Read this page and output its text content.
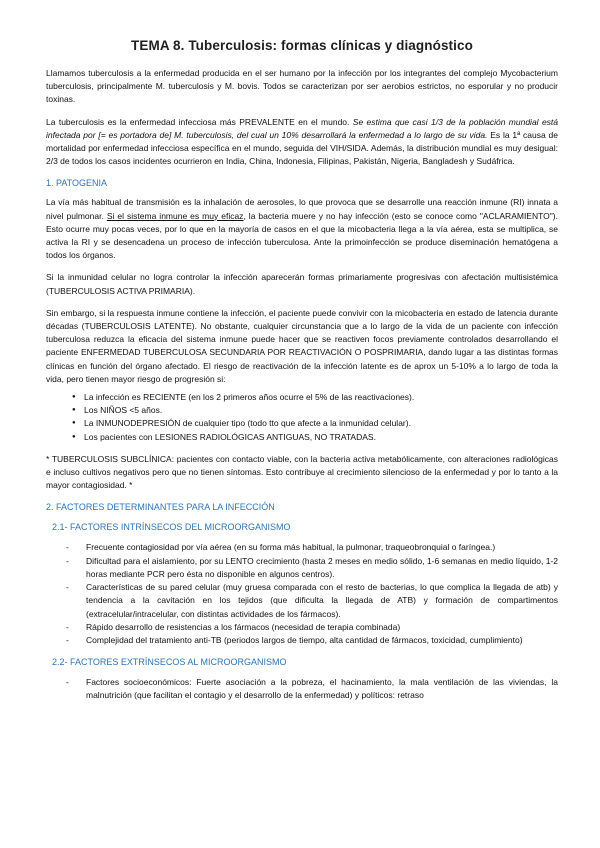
TEMA 8. Tuberculosis: formas clínicas y diagnóstico

Llamamos tuberculosis a la enfermedad producida en el ser humano por la infección por los integrantes del complejo Mycobacterium tuberculosis, principalmente M. tuberculosis y M. bovis. Todos se caracterizan por ser aerobios estrictos, no esporular y no producir toxinas.

La tuberculosis es la enfermedad infecciosa más PREVALENTE en el mundo. Se estima que casi 1/3 de la población mundial está infectada por [= es portadora de] M. tuberculosis, del cual un 10% desarrollará la enfermedad a lo largo de su vida. Es la 1ª causa de mortalidad por enfermedad infecciosa específica en el mundo, seguida del VIH/SIDA. Además, la distribución mundial es muy desigual: 2/3 de todos los casos incidentes ocurrieron en India, China, Indonesia, Filipinas, Pakistán, Nigeria, Bangladesh y Sudáfrica.

1. PATOGENIA

La vía más habitual de transmisión es la inhalación de aerosoles, lo que provoca que se desarrolle una reacción inmune (RI) innata a nivel pulmonar. Si el sistema inmune es muy eficaz, la bacteria muere y no hay infección (esto se conoce como "ACLARAMIENTO"). Esto ocurre muy pocas veces, por lo que en la mayoría de casos en el que la micobacteria llega a la vía aérea, esta se multiplica, se activa la RI y se desencadena un proceso de infección tuberculosa. Ante la primoinfección se produce diseminación hematógena a todos los órganos.

Si la inmunidad celular no logra controlar la infección aparecerán formas primariamente progresivas con afectación multisistémica (TUBERCULOSIS ACTIVA PRIMARIA).

Sin embargo, si la respuesta inmune contiene la infección, el paciente puede convivir con la micobacteria en estado de latencia durante décadas (TUBERCULOSIS LATENTE). No obstante, cualquier circunstancia que a lo largo de la vida de un paciente con infección tuberculosa reduzca la eficacia del sistema inmune puede hacer que se reactiven focos previamente controlados desarrollando el paciente ENFERMEDAD TUBERCULOSA SECUNDARIA POR REACTIVACIÓN O POSPRIMARIA, dando lugar a las distintas formas clínicas en función del órgano afectado. El riesgo de reactivación de la infección latente es de aprox un 5-10% a lo largo de toda la vida, pero tienen mayor riesgo de progresión si:

● La infección es RECIENTE (en los 2 primeros años ocurre el 5% de las reactivaciones).
● Los NIÑOS <5 años.
● La INMUNODEPRESIÓN de cualquier tipo (todo tto que afecte a la inmunidad celular).
● Los pacientes con LESIONES RADIOLÓGICAS ANTIGUAS, NO TRATADAS.

* TUBERCULOSIS SUBCLÍNICA: pacientes con contacto viable, con la bacteria activa metabólicamente, con alteraciones radiológicas e incluso cultivos negativos pero que no tienen síntomas. Esto contribuye al crecimiento silencioso de la enfermedad y por lo tanto a la mayor contagiosidad. *

2. FACTORES DETERMINANTES PARA LA INFECCIÓN
2.1- FACTORES INTRÍNSECOS DEL MICROORGANISMO
- Frecuente contagiosidad por vía aérea (en su forma más habitual, la pulmonar, traqueobronquial o faríngea.)
- Dificultad para el aislamiento, por su LENTO crecimiento (hasta 2 meses en medio sólido, 1-6 semanas en medio líquido, 1-2 horas mediante PCR pero ésta no disponible en algunos centros).
- Características de su pared celular (muy gruesa comparada con el resto de bacterias, lo que complica la llegada de atb) y tendencia a la cavitación en los tejidos (que dificulta la llegada de ATB) y formación de compartimentos (extracelular/intracelular, con distintas actividades de los fármacos).
- Rápido desarrollo de resistencias a los fármacos (necesidad de terapia combinada)
- Complejidad del tratamiento anti-TB (periodos largos de tiempo, alta cantidad de fármacos, toxicidad, cumplimiento)
2.2- FACTORES EXTRÍNSECOS AL MICROORGANISMO
- Factores socioeconómicos: Fuerte asociación a la pobreza, el hacinamiento, la mala ventilación de las viviendas, la malnutrición (que facilitan el contagio y el desarrollo de la enfermedad) y políticos: retraso
